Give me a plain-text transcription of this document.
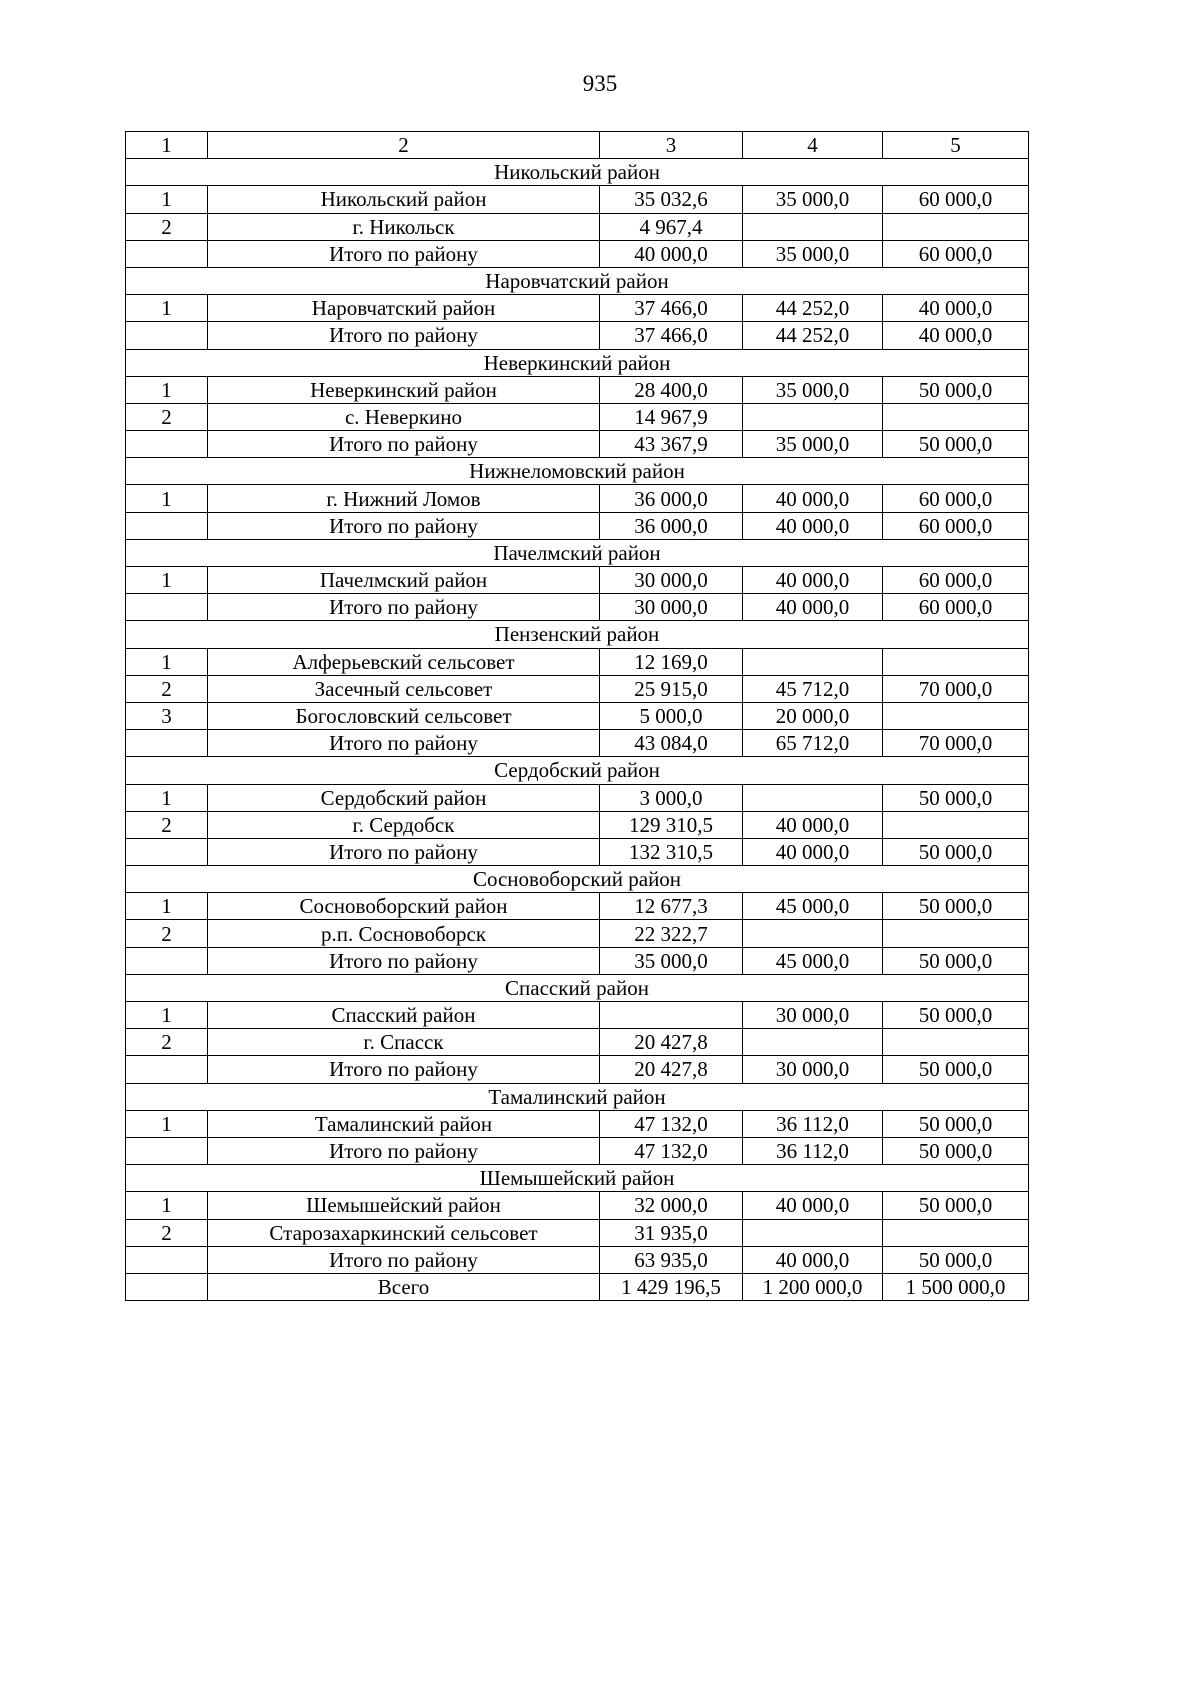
935
1	2	3	4	5
Никольский район				
1	Никольский район	35 032,6	35 000,0	60 000,0
2	г. Никольск	4 967,4		
	Итого по району	40 000,0	35 000,0	60 000,0
Наровчатский район				
1	Наровчатский район	37 466,0	44 252,0	40 000,0
	Итого по району	37 466,0	44 252,0	40 000,0
Неверкинский район				
1	Неверкинский район	28 400,0	35 000,0	50 000,0
2	с. Неверкино	14 967,9		
	Итого по району	43 367,9	35 000,0	50 000,0
Нижнеломовский район				
1	г. Нижний Ломов	36 000,0	40 000,0	60 000,0
	Итого по району	36 000,0	40 000,0	60 000,0
Пачелмский район				
1	Пачелмский район	30 000,0	40 000,0	60 000,0
	Итого по району	30 000,0	40 000,0	60 000,0
Пензенский район				
1	Алферьевский сельсовет	12 169,0		
2	Засечный сельсовет	25 915,0	45 712,0	70 000,0
3	Богословский сельсовет	5 000,0	20 000,0	
	Итого по району	43 084,0	65 712,0	70 000,0
Сердобский район				
1	Сердобский район	3 000,0		50 000,0
2	г. Сердобск	129 310,5	40 000,0	
	Итого по району	132 310,5	40 000,0	50 000,0
Сосновоборский район				
1	Сосновоборский район	12 677,3	45 000,0	50 000,0
2	р.п. Сосновоборск	22 322,7		
	Итого по району	35 000,0	45 000,0	50 000,0
Спасский район				
1	Спасский район		30 000,0	50 000,0
2	г. Спасск	20 427,8		
	Итого по району	20 427,8	30 000,0	50 000,0
Тамалинский район				
1	Тамалинский район	47 132,0	36 112,0	50 000,0
	Итого по району	47 132,0	36 112,0	50 000,0
Шемышейский район				
1	Шемышейский район	32 000,0	40 000,0	50 000,0
2	Старозахаркинский сельсовет	31 935,0		
	Итого по району	63 935,0	40 000,0	50 000,0
	Всего	1 429 196,5	1 200 000,0	1 500 000,0
